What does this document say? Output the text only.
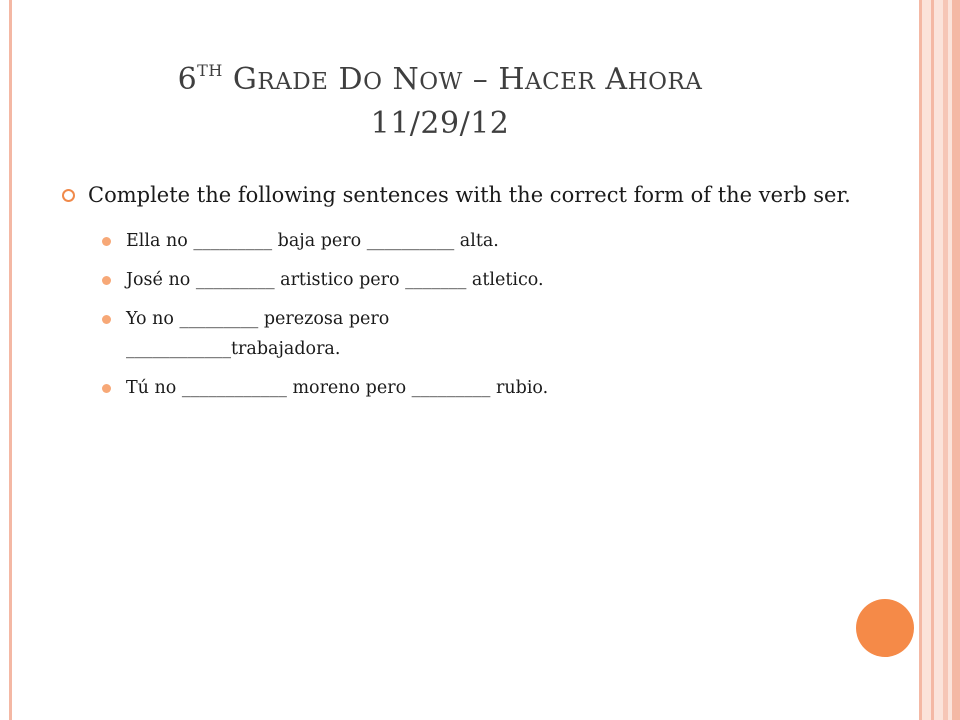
6TH GRADE DO NOW – HACER AHORA
11/29/12
Complete the following sentences with the correct form of the verb ser.
Ella no _________ baja pero __________ alta.
José no _________ artistico pero _______ atletico.
Yo no _________ perezosa pero ____________trabajadora.
Tú no ____________ moreno pero _________ rubio.
